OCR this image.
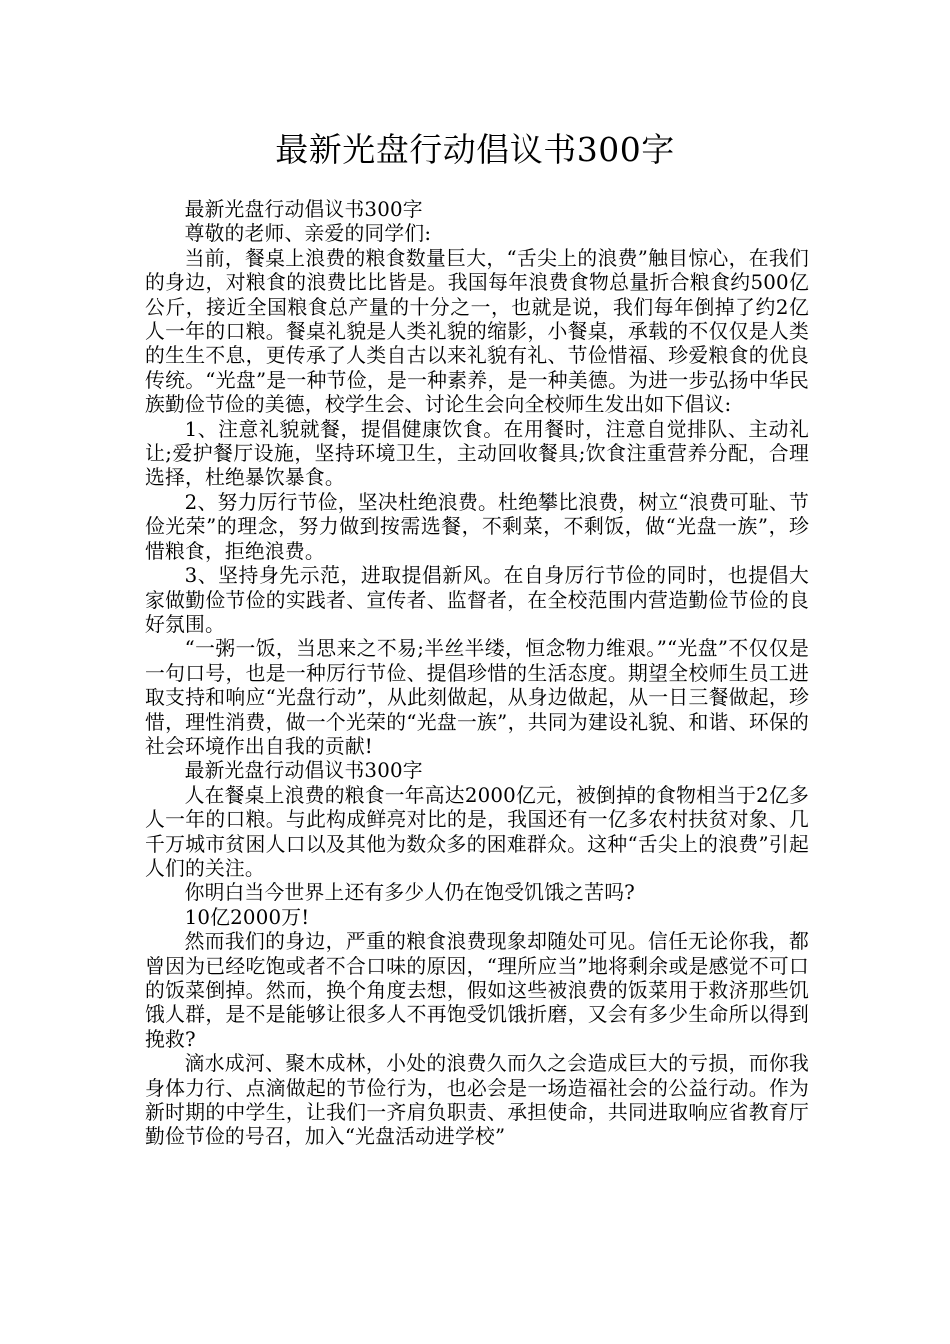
最新光盘行动倡议书300字

最新光盘行动倡议书300字

尊敬的老师、亲爱的同学们:

当前，餐桌上浪费的粮食数量巨大，“舌尖上的浪费”触目惊心，在我们的身边，对粮食的浪费比比皆是。我国每年浪费食物总量折合粮食约500亿公斤，接近全国粮食总产量的十分之一，也就是说，我们每年倒掉了约2亿人一年的口粮。餐桌礼貌是人类礼貌的缩影，小餐桌，承载的不仅仅是人类的生生不息，更传承了人类自古以来礼貌有礼、节俭惜福、珍爱粮食的优良传统。“光盘”是一种节俭，是一种素养，是一种美德。为进一步弘扬中华民族勤俭节俭的美德，校学生会、讨论生会向全校师生发出如下倡议:

1、注意礼貌就餐，提倡健康饮食。在用餐时，注意自觉排队、主动礼让;爱护餐厅设施，坚持环境卫生，主动回收餐具;饮食注重营养分配，合理选择，杜绝暴饮暴食。

2、努力厉行节俭，坚决杜绝浪费。杜绝攀比浪费，树立“浪费可耻、节俭光荣”的理念，努力做到按需选餐，不剩菜，不剩饭，做“光盘一族”，珍惜粮食，拒绝浪费。

3、坚持身先示范，进取提倡新风。在自身厉行节俭的同时，也提倡大家做勤俭节俭的实践者、宣传者、监督者，在全校范围内营造勤俭节俭的良好氛围。

“一粥一饭，当思来之不易;半丝半缕，恒念物力维艰。”“光盘”不仅仅是一句口号，也是一种厉行节俭、提倡珍惜的生活态度。期望全校师生员工进取支持和响应“光盘行动”，从此刻做起，从身边做起，从一日三餐做起，珍惜，理性消费，做一个光荣的“光盘一族”，共同为建设礼貌、和谐、环保的社会环境作出自我的贡献!

最新光盘行动倡议书300字

人在餐桌上浪费的粮食一年高达2000亿元，被倒掉的食物相当于2亿多人一年的口粮。与此构成鲜亮对比的是，我国还有一亿多农村扶贫对象、几千万城市贫困人口以及其他为数众多的困难群众。这种“舌尖上的浪费”引起人们的关注。

你明白当今世界上还有多少人仍在饱受饥饿之苦吗?

10亿2000万!

然而我们的身边，严重的粮食浪费现象却随处可见。信任无论你我，都曾因为已经吃饱或者不合口味的原因，“理所应当”地将剩余或是感觉不可口的饭菜倒掉。然而，换个角度去想，假如这些被浪费的饭菜用于救济那些饥饿人群，是不是能够让很多人不再饱受饥饿折磨，又会有多少生命所以得到挽救?

滴水成河、聚木成林，小处的浪费久而久之会造成巨大的亏损，而你我身体力行、点滴做起的节俭行为，也必会是一场造福社会的公益行动。作为新时期的中学生，让我们一齐肩负职责、承担使命，共同进取响应省教育厅勤俭节俭的号召，加入“光盘活动进学校”
